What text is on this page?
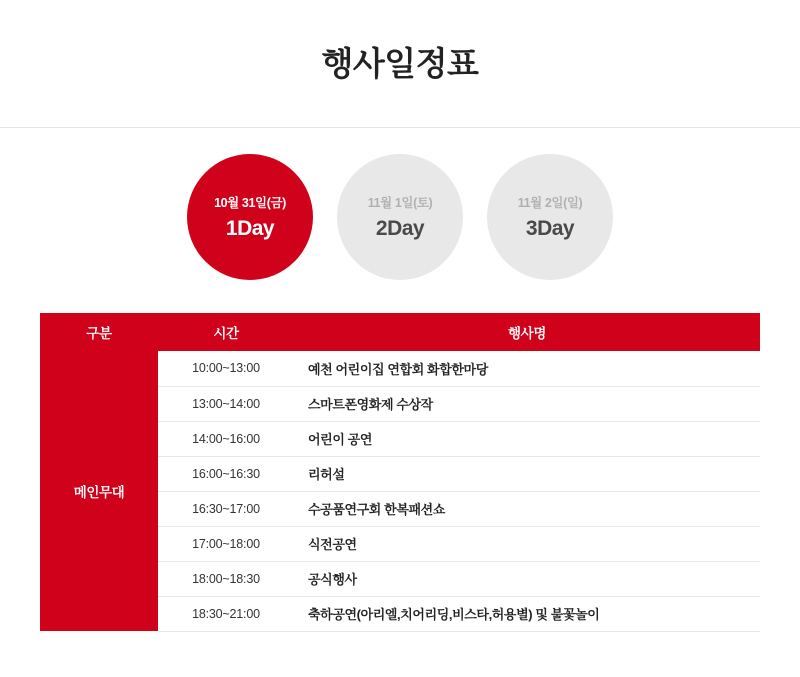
행사일정표
10월 31일(금)
1Day
11월 1일(토)
2Day
11월 2일(일)
3Day
구분	시간	행사명
메인무대	10:00~13:00	예천 어린이집 연합회 화합한마당
	13:00~14:00	스마트폰영화제 수상작
	14:00~16:00	어린이 공연
	16:00~16:30	리허설
	16:30~17:00	수공품연구회 한복패션쇼
	17:00~18:00	식전공연
	18:00~18:30	공식행사
	18:30~21:00	축하공연(아리엘,치어리딩,비스타,허용별) 및 불꽃놀이
